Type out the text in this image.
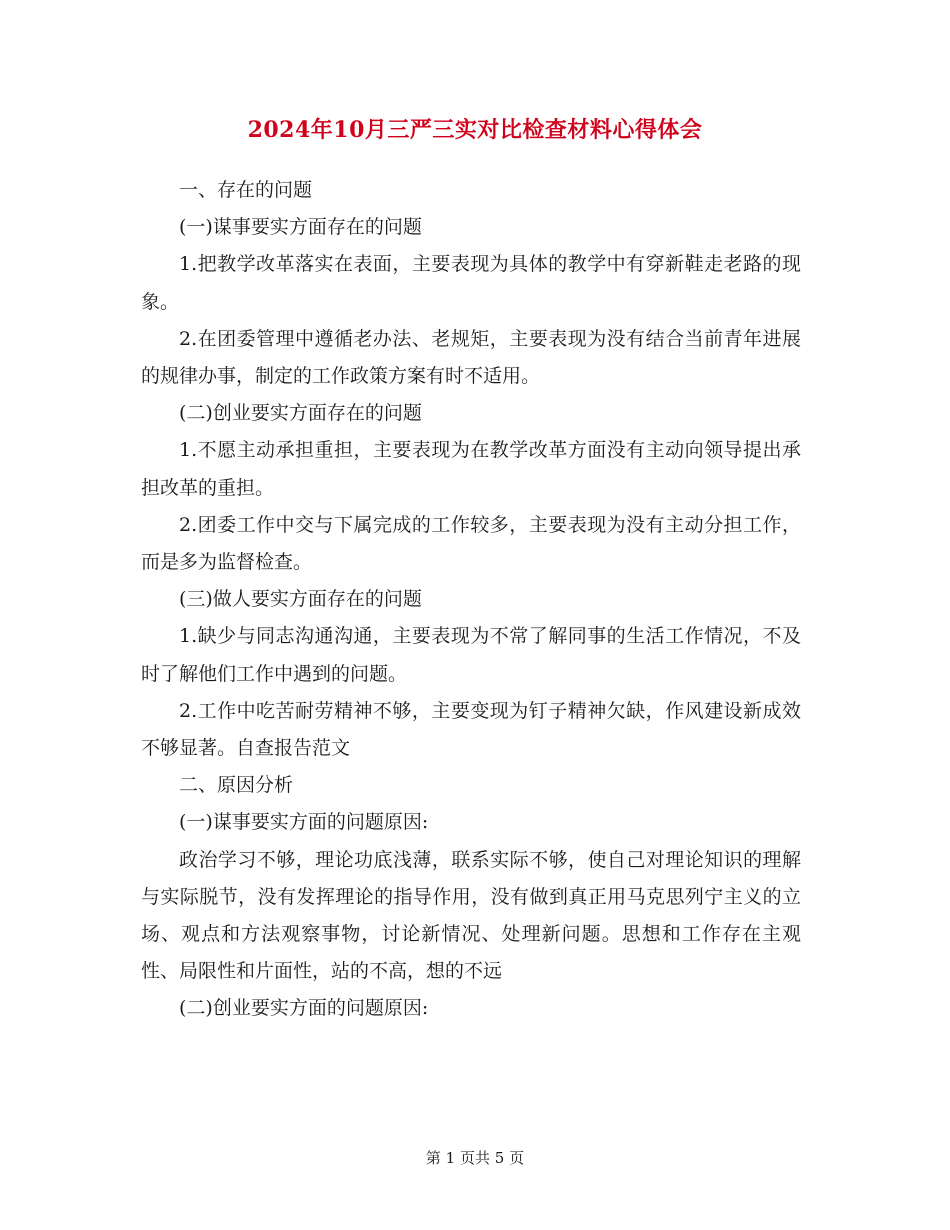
2024年10月三严三实对比检查材料心得体会

一、存在的问题

(一)谋事要实方面存在的问题

1.把教学改革落实在表面，主要表现为具体的教学中有穿新鞋走老路的现象。

2.在团委管理中遵循老办法、老规矩，主要表现为没有结合当前青年进展的规律办事，制定的工作政策方案有时不适用。

(二)创业要实方面存在的问题

1.不愿主动承担重担，主要表现为在教学改革方面没有主动向领导提出承担改革的重担。

2.团委工作中交与下属完成的工作较多，主要表现为没有主动分担工作，而是多为监督检查。

(三)做人要实方面存在的问题

1.缺少与同志沟通沟通，主要表现为不常了解同事的生活工作情况，不及时了解他们工作中遇到的问题。

2.工作中吃苦耐劳精神不够，主要变现为钉子精神欠缺，作风建设新成效不够显著。自查报告范文

二、原因分析

(一)谋事要实方面的问题原因:

政治学习不够，理论功底浅薄，联系实际不够，使自己对理论知识的理解与实际脱节，没有发挥理论的指导作用，没有做到真正用马克思列宁主义的立场、观点和方法观察事物，讨论新情况、处理新问题。思想和工作存在主观性、局限性和片面性，站的不高，想的不远

(二)创业要实方面的问题原因:

第 1 页共 5 页
